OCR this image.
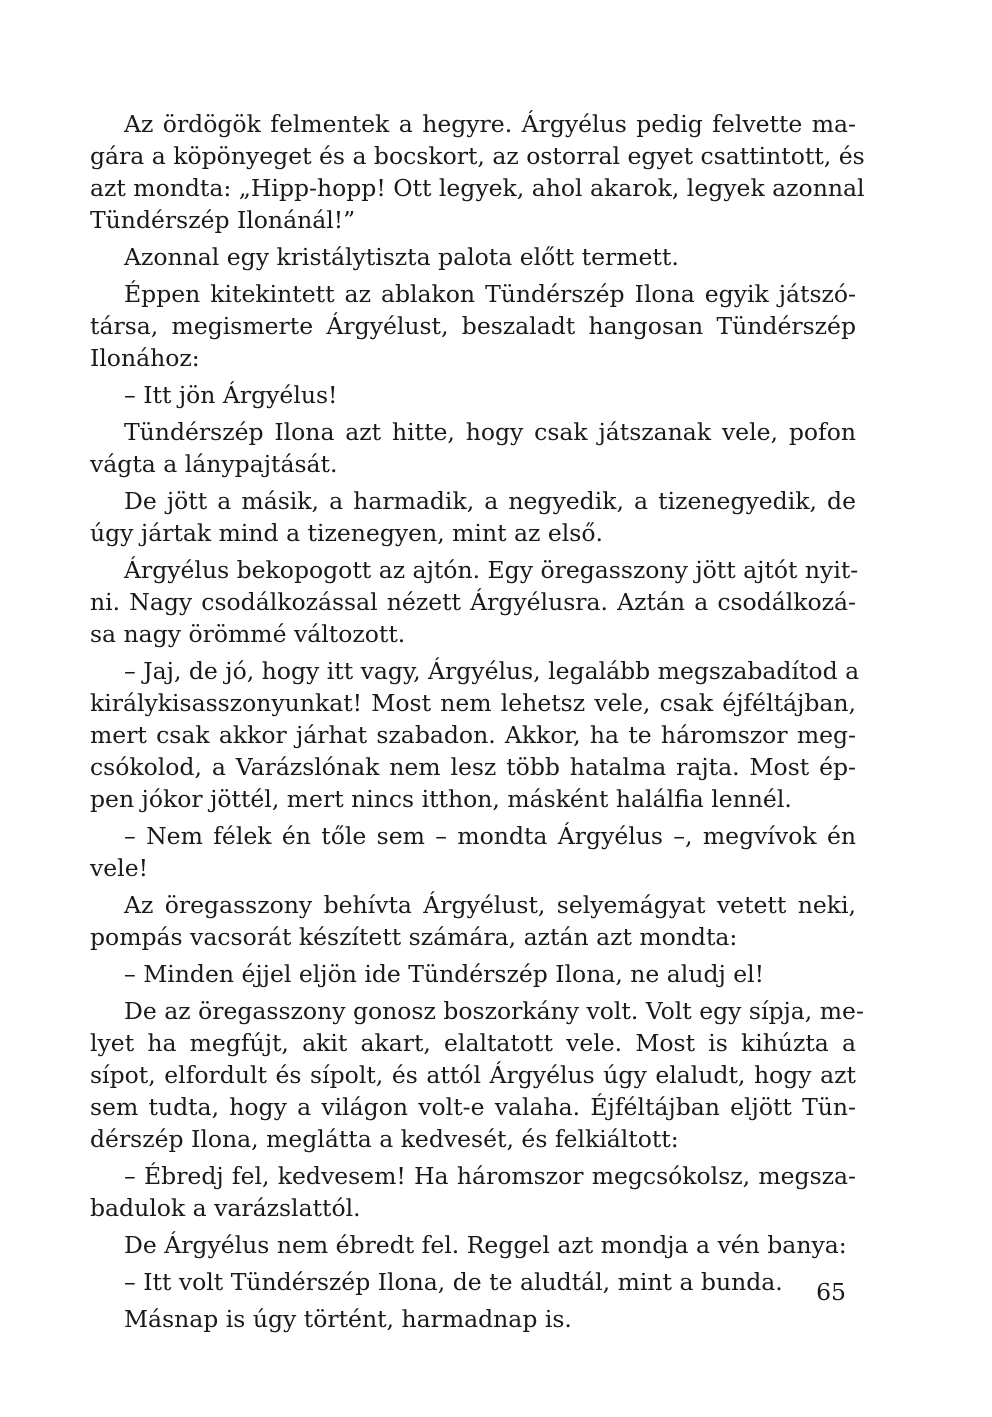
Az ördögök felmentek a hegyre. Árgyélus pedig felvette ma-
gára a köpönyeget és a bocskort, az ostorral egyet csattintott, és
azt mondta: „Hipp-hopp! Ott legyek, ahol akarok, legyek azonnal
Tündérszép Ilonánál!”
Azonnal egy kristálytiszta palota előtt termett.
Éppen kitekintett az ablakon Tündérszép Ilona egyik játszó-
társa, megismerte Árgyélust, beszaladt hangosan Tündérszép
Ilonához:
– Itt jön Árgyélus!
Tündérszép Ilona azt hitte, hogy csak játszanak vele, pofon
vágta a lánypajtását.
De jött a másik, a harmadik, a negyedik, a tizenegyedik, de
úgy jártak mind a tizenegyen, mint az első.
Árgyélus bekopogott az ajtón. Egy öregasszony jött ajtót nyit-
ni. Nagy csodálkozással nézett Árgyélusra. Aztán a csodálkozá-
sa nagy örömmé változott.
– Jaj, de jó, hogy itt vagy, Árgyélus, legalább megszabadítod a
királykisasszonyunkat! Most nem lehetsz vele, csak éjféltájban,
mert csak akkor járhat szabadon. Akkor, ha te háromszor meg-
csókolod, a Varázslónak nem lesz több hatalma rajta. Most ép-
pen jókor jöttél, mert nincs itthon, másként halálfia lennél.
– Nem félek én tőle sem – mondta Árgyélus –, megvívok én
vele!
Az öregasszony behívta Árgyélust, selyemágyat vetett neki,
pompás vacsorát készített számára, aztán azt mondta:
– Minden éjjel eljön ide Tündérszép Ilona, ne aludj el!
De az öregasszony gonosz boszorkány volt. Volt egy sípja, me-
lyet ha megfújt, akit akart, elaltatott vele. Most is kihúzta a
sípot, elfordult és sípolt, és attól Árgyélus úgy elaludt, hogy azt
sem tudta, hogy a világon volt-e valaha. Éjféltájban eljött Tün-
dérszép Ilona, meglátta a kedvesét, és felkiáltott:
– Ébredj fel, kedvesem! Ha háromszor megcsókolsz, megsza-
badulok a varázslattól.
De Árgyélus nem ébredt fel. Reggel azt mondja a vén banya:
– Itt volt Tündérszép Ilona, de te aludtál, mint a bunda.
Másnap is úgy történt, harmadnap is.
65
